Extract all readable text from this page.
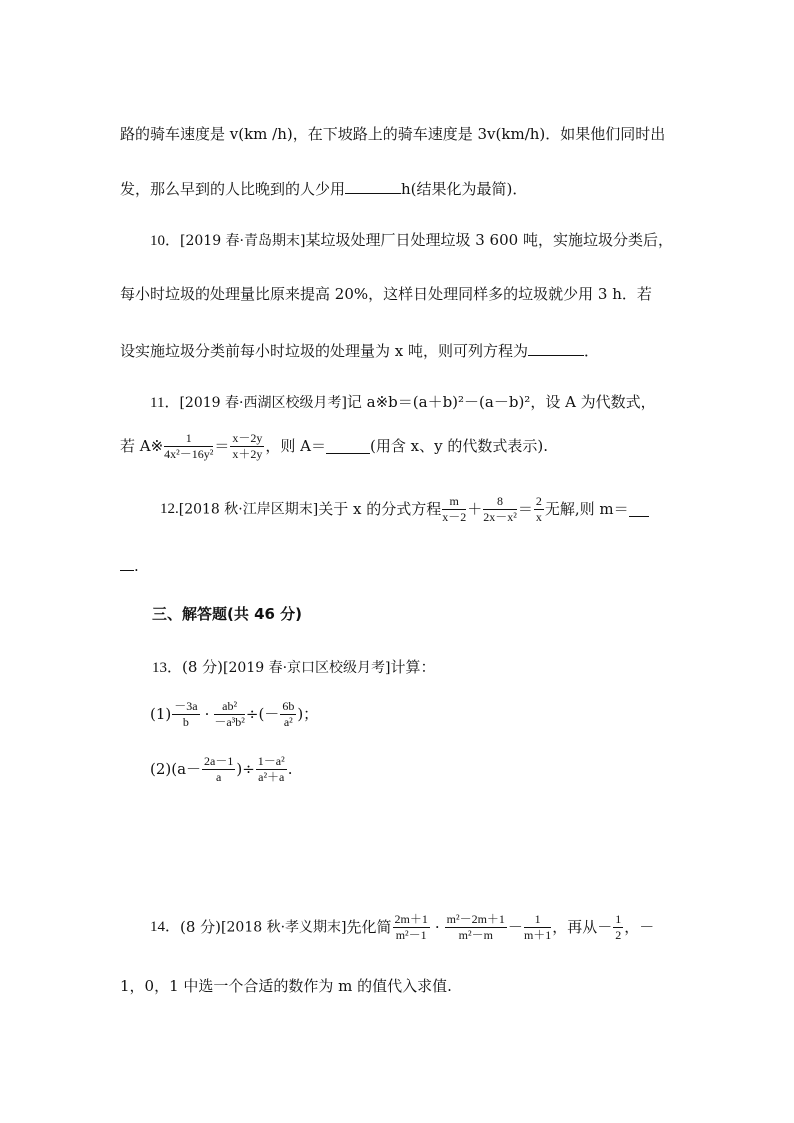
路的骑车速度是 v(km /h)，在下坡路上的骑车速度是 3v(km/h)．如果他们同时出
发，那么早到的人比晚到的人少用	h(结果化为最简)．
10．[2019 春·青岛期末]某垃圾处理厂日处理垃圾 3 600 吨，实施垃圾分类后，
每小时垃圾的处理量比原来提高 20%，这样日处理同样多的垃圾就少用 3 h．若
设实施垃圾分类前每小时垃圾的处理量为 x 吨，则可列方程为	．
11．[2019 春·西湖区校级月考]记 a※b＝(a＋b)²－(a－b)²，设 A 为代数式，
若 A※ $\frac{1}{\text{4x²－16y²}} = \frac{x-2y}{x+2y}$ ，则 A＝	(用含 x、y 的代数式表示).
12.[2018 秋·江岸区期末]关于 x 的分式方程 $\frac{m}{x-2} + \frac{8}{\text{2x－x²}} = \frac{2}{x}$ 无解,则 m＝
.
三、解答题(共 46 分)
13．(8 分)[2019 春·京口区校级月考]计算：
$(1) \frac{-3a}{b} \cdot \frac{\text{ab²}}{\text{－a³b²}}$ ÷(－ $\frac{6b}{\text{a²}}$ )；
$(2)(a- \frac{2a-1}{a}$ )÷ $\frac{\text{1－a²}}{\text{a²＋a}}$ .
14．(8 分)[2018 秋·孝义期末]先化简 $\frac{2m+1}{\text{m²－1}} \cdot \frac{\text{m²－2m＋1}}{\text{m²－m}} - \frac{1}{m+1}$ ，再从－ $\frac{1}{2}$ ，－
1，0，1 中选一个合适的数作为 m 的值代入求值.
